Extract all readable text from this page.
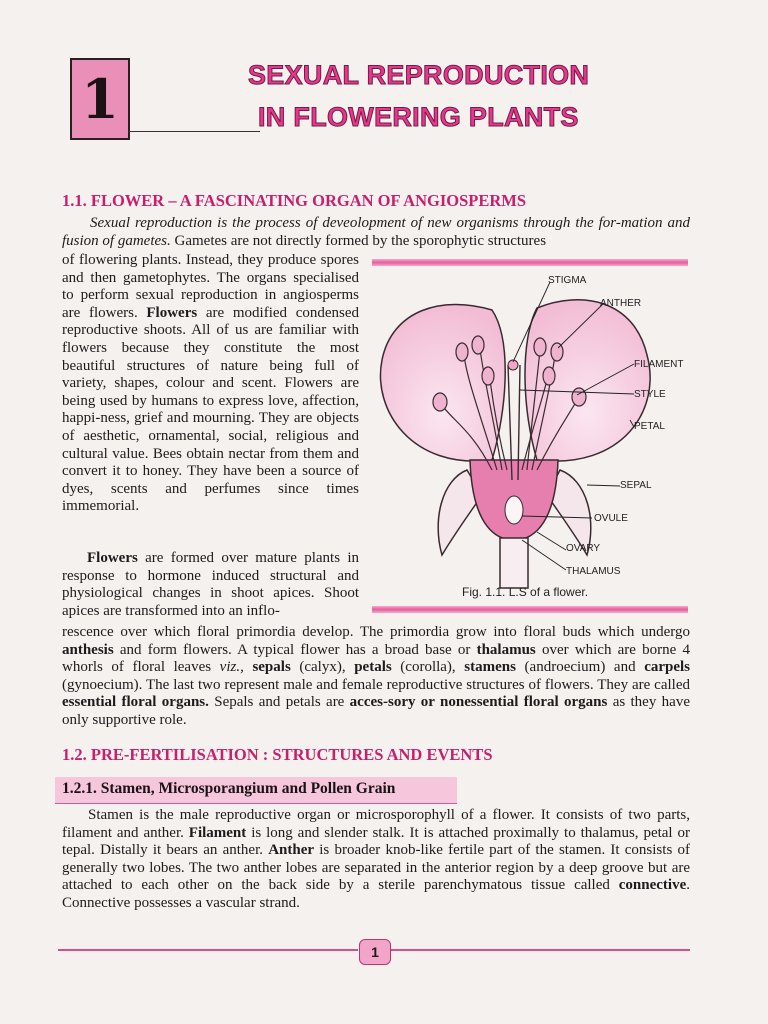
1	SEXUAL REPRODUCTION
IN FLOWERING PLANTS
1.1. FLOWER – A FASCINATING ORGAN OF ANGIOSPERMS
Sexual reproduction is the process of deveolopment of new organisms through the for-mation and fusion of gametes. Gametes are not directly formed by the sporophytic structures
of flowering plants. Instead, they produce spores and then gametophytes. The organs specialised to perform sexual reproduction in angiosperms are flowers. Flowers are modified condensed reproductive shoots. All of us are familiar with flowers because they constitute the most beautiful structures of nature being full of variety, shapes, colour and scent. Flowers are being used by humans to express love, affection, happi-ness, grief and mourning. They are objects of aesthetic, ornamental, social, religious and cultural value. Bees obtain nectar from them and convert it to honey. They have been a source of dyes, scents and perfumes since times immemorial.
Flowers are formed over mature plants in response to hormone induced structural and physiological changes in shoot apices. Shoot apices are transformed into an inflo-
STIGMA
ANTHER
FILAMENT
STYLE
PETAL
SEPAL
OVULE
OVARY
THALAMUS
Fig. 1.1. L.S of a flower.
rescence over which floral primordia develop. The primordia grow into floral buds which undergo anthesis and form flowers. A typical flower has a broad base or thalamus over which are borne 4 whorls of floral leaves viz., sepals (calyx), petals (corolla), stamens (androecium) and carpels (gynoecium). The last two represent male and female reproductive structures of flowers. They are called essential floral organs. Sepals and petals are acces-sory or nonessential floral organs as they have only supportive role.
1.2. PRE-FERTILISATION : STRUCTURES AND EVENTS
1.2.1. Stamen, Microsporangium and Pollen Grain
Stamen is the male reproductive organ or microsporophyll of a flower. It consists of two parts, filament and anther. Filament is long and slender stalk. It is attached proximally to thalamus, petal or tepal. Distally it bears an anther. Anther is broader knob-like fertile part of the stamen. It consists of generally two lobes. The two anther lobes are separated in the anterior region by a deep groove but are attached to each other on the back side by a sterile parenchymatous tissue called connective. Connective possesses a vascular strand.
1
